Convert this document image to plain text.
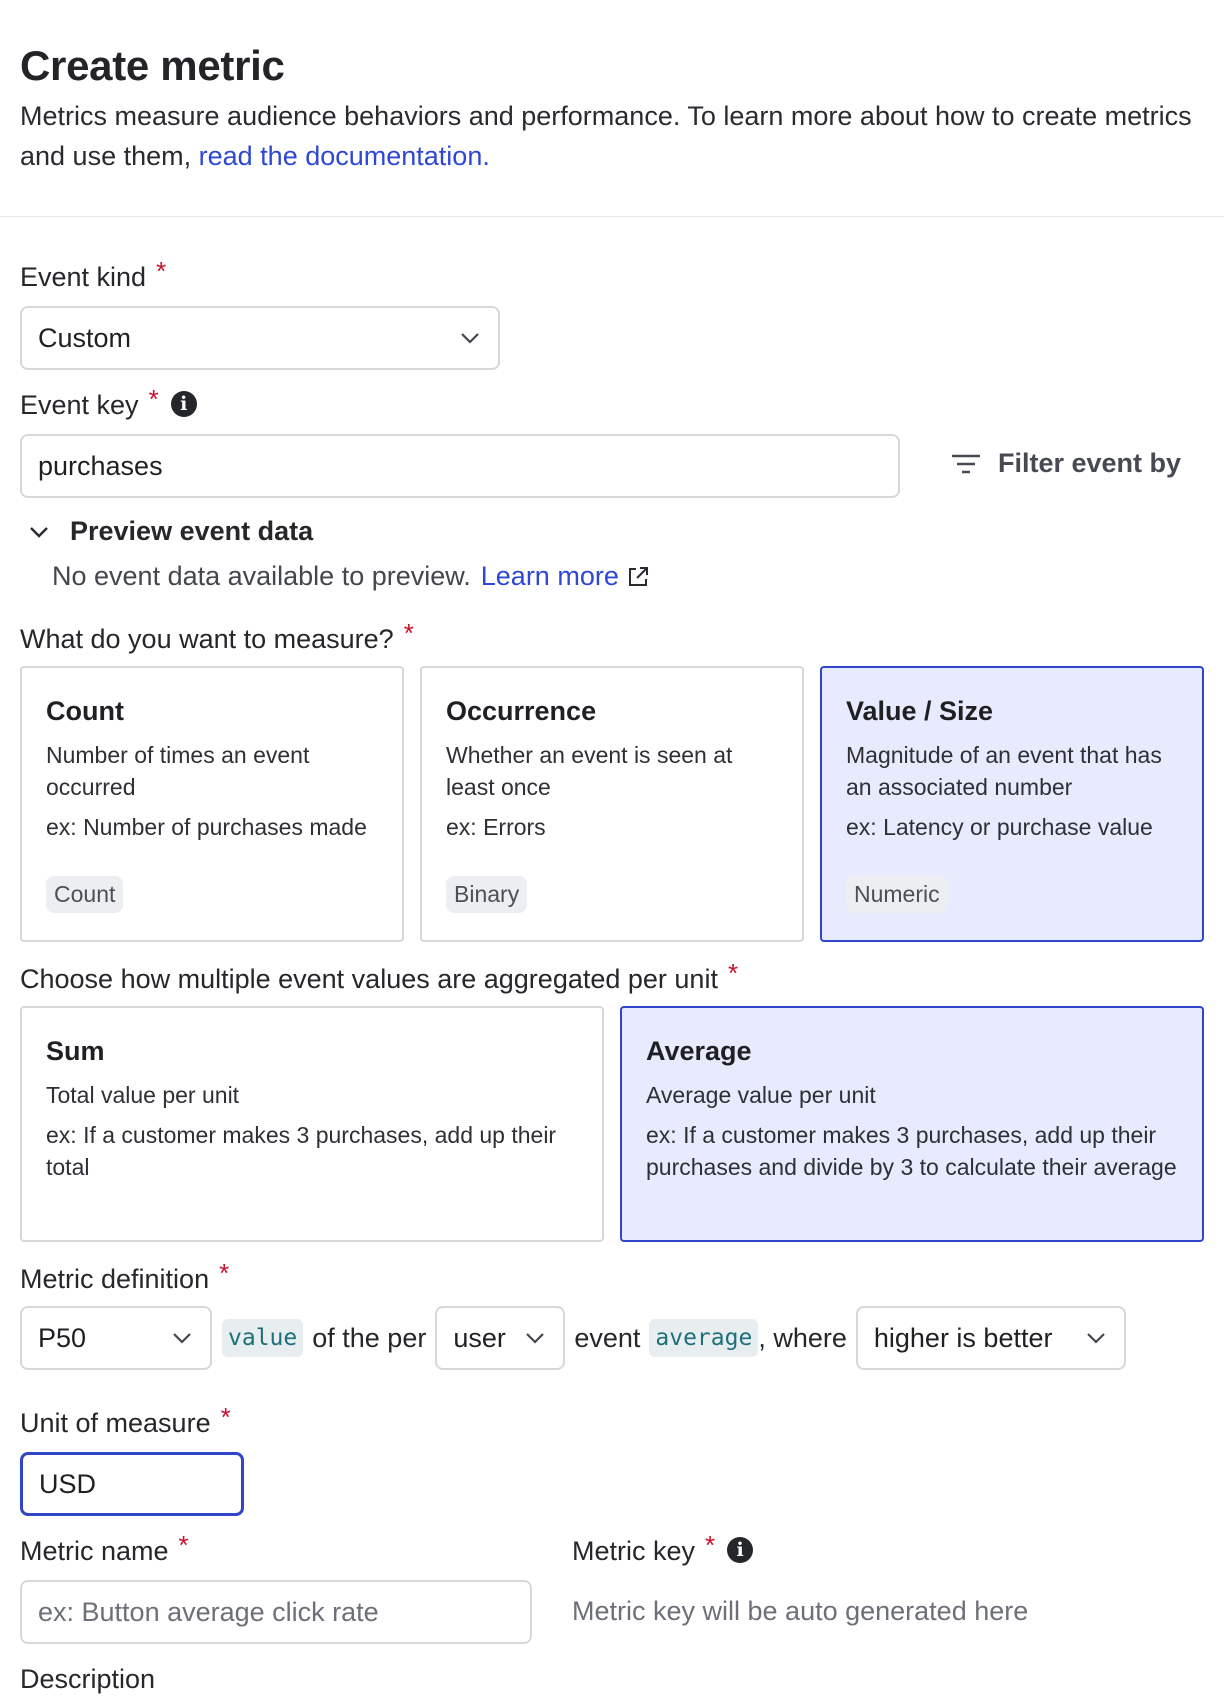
Create metric
Metrics measure audience behaviors and performance. To learn more about how to create metrics and use them, read the documentation.
Event kind *
Custom
Event key * i
purchases	Filter event by
Preview event data
No event data available to preview. Learn more
What do you want to measure? *
Count
Number of times an event occurred
ex: Number of purchases made
Count
Occurrence
Whether an event is seen at least once
ex: Errors
Binary
Value / Size
Magnitude of an event that has an associated number
ex: Latency or purchase value
Numeric
Choose how multiple event values are aggregated per unit *
Sum
Total value per unit
ex: If a customer makes 3 purchases, add up their total
Average
Average value per unit
ex: If a customer makes 3 purchases, add up their purchases and divide by 3 to calculate their average
Metric definition *
P50	value of the per user	event average , where higher is better
Unit of measure *
USD
Metric name *
ex: Button average click rate
Metric key * i
Metric key will be auto generated here
Description
